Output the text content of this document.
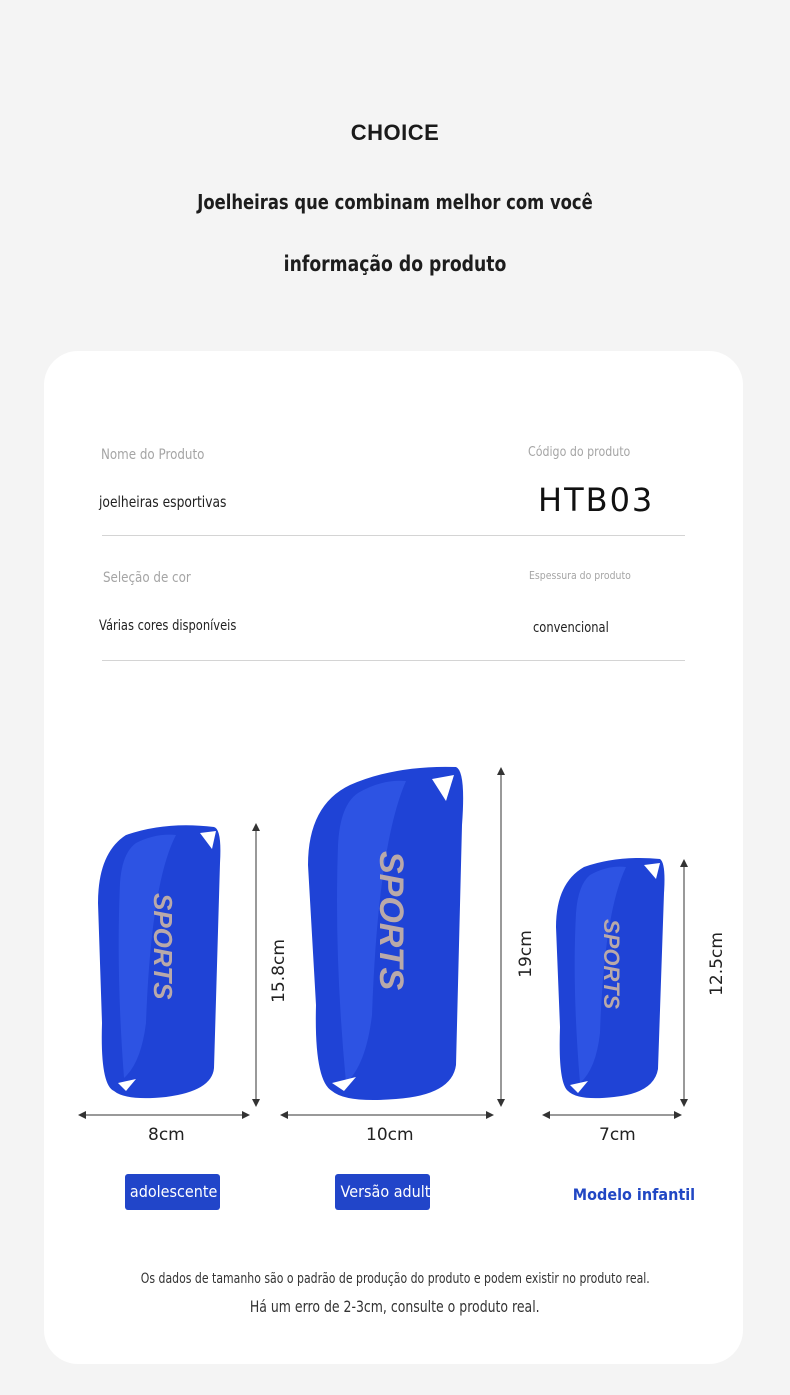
CHOICE
Joelheiras que combinam melhor com você
informação do produto
Nome do Produto
joelheiras esportivas
Código do produto
HTB03
Seleção de cor
Várias cores disponíveis
Espessura do produto
convencional
SPORTS	SPORTS	SPORTS
15.8cm
8cm
19cm
10cm
12.5cm
7cm
adolescente	Versão adulta	Modelo infantil
Os dados de tamanho são o padrão de produção do produto e podem existir no produto real.
Há um erro de 2-3cm, consulte o produto real.
